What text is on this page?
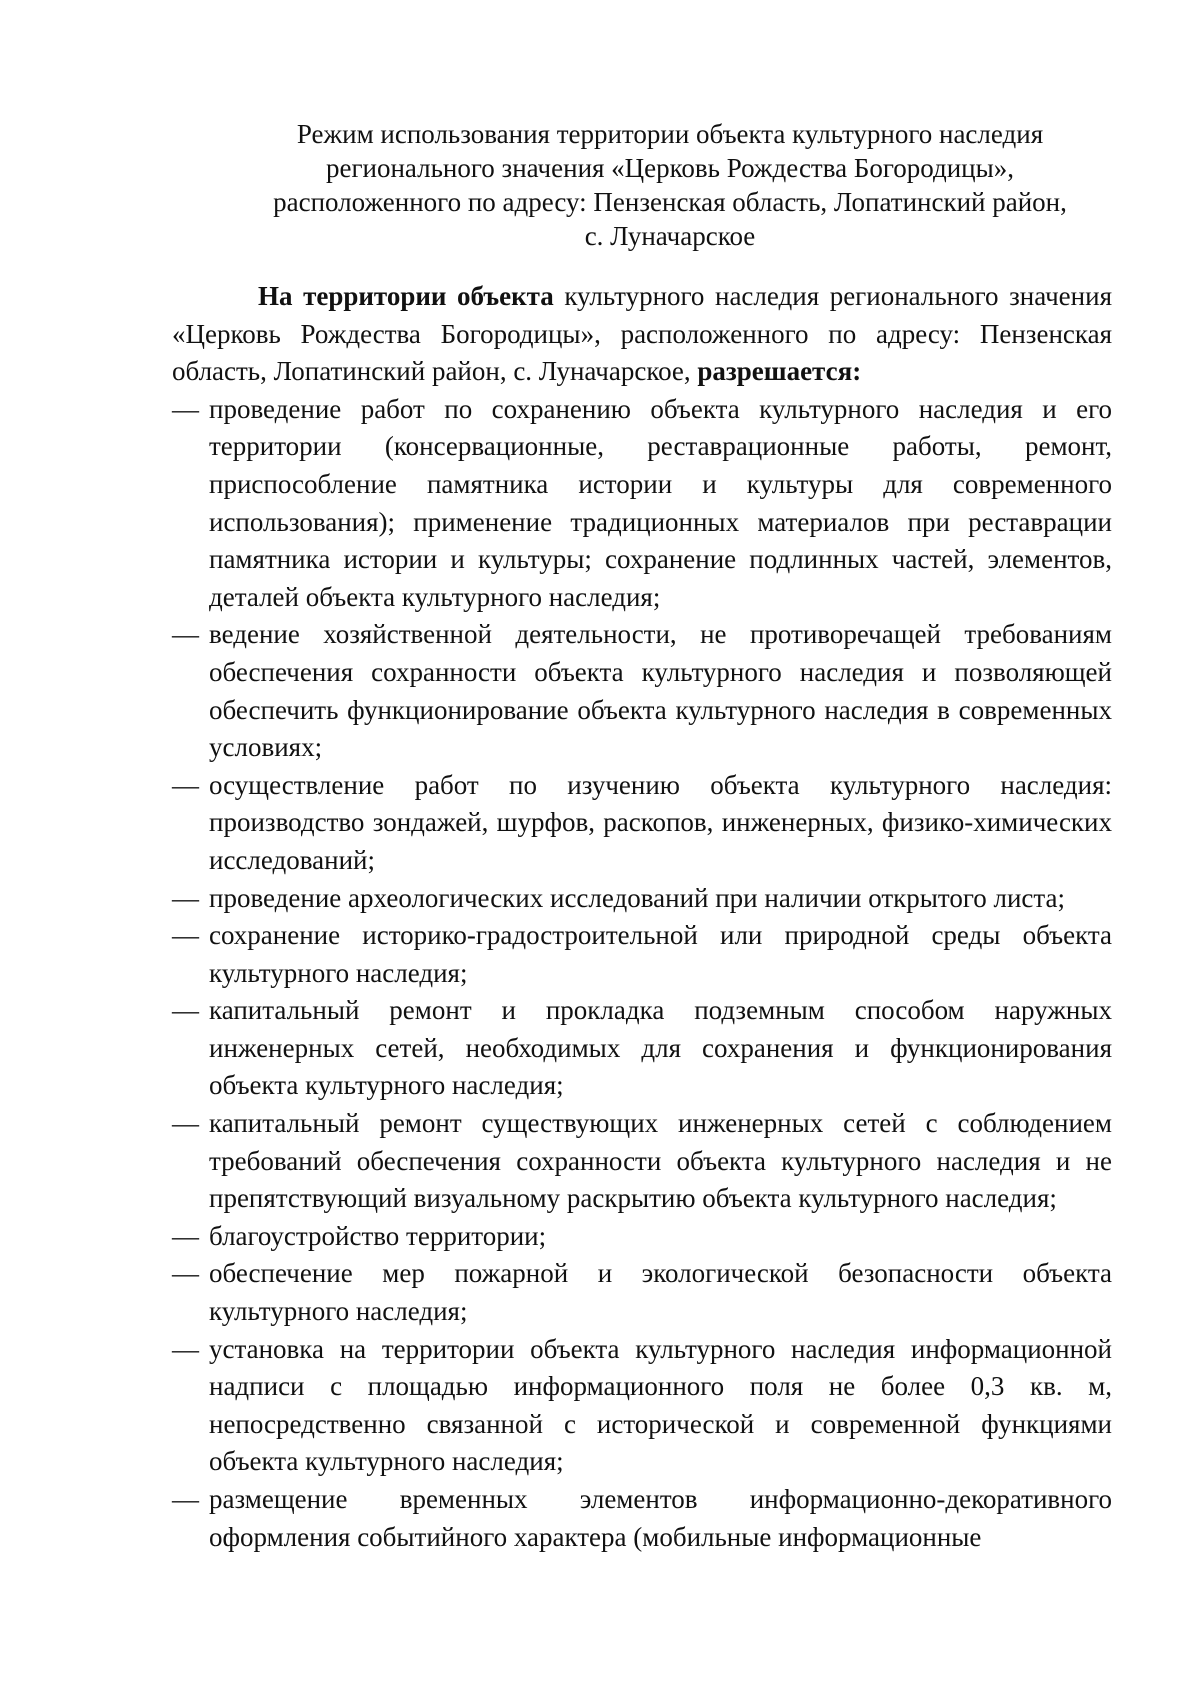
Режим использования территории объекта культурного наследия
регионального значения «Церковь Рождества Богородицы»,
расположенного по адресу: Пензенская область, Лопатинский район,
с. Луначарское

На территории объекта культурного наследия регионального значения «Церковь Рождества Богородицы», расположенного по адресу: Пензенская область, Лопатинский район, с. Луначарское, разрешается:

— проведение работ по сохранению объекта культурного наследия и его территории (консервационные, реставрационные работы, ремонт, приспособление памятника истории и культуры для современного использования); применение традиционных материалов при реставрации памятника истории и культуры; сохранение подлинных частей, элементов, деталей объекта культурного наследия;
— ведение хозяйственной деятельности, не противоречащей требованиям обеспечения сохранности объекта культурного наследия и позволяющей обеспечить функционирование объекта культурного наследия в современных условиях;
— осуществление работ по изучению объекта культурного наследия: производство зондажей, шурфов, раскопов, инженерных, физико-химических исследований;
— проведение археологических исследований при наличии открытого листа;
— сохранение историко-градостроительной или природной среды объекта культурного наследия;
— капитальный ремонт и прокладка подземным способом наружных инженерных сетей, необходимых для сохранения и функционирования объекта культурного наследия;
— капитальный ремонт существующих инженерных сетей с соблюдением требований обеспечения сохранности объекта культурного наследия и не препятствующий визуальному раскрытию объекта культурного наследия;
— благоустройство территории;
— обеспечение мер пожарной и экологической безопасности объекта культурного наследия;
— установка на территории объекта культурного наследия информационной надписи с площадью информационного поля не более 0,3 кв. м, непосредственно связанной с исторической и современной функциями объекта культурного наследия;
— размещение временных элементов информационно-декоративного оформления событийного характера (мобильные информационные
